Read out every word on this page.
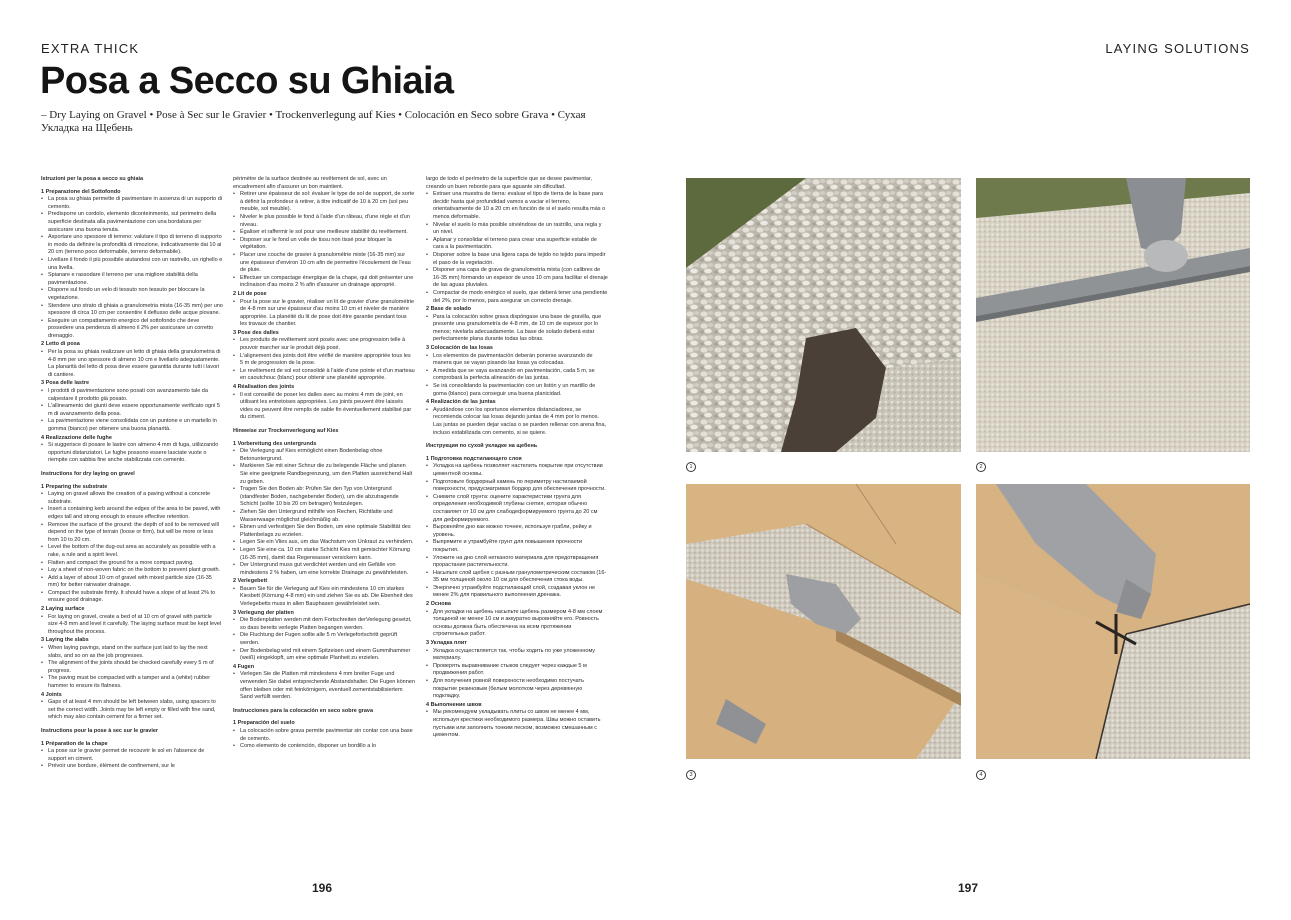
EXTRA THICK	LAYING SOLUTIONS
Posa a Secco su Ghiaia

– Dry Laying on Gravel • Pose à Sec sur le Gravier • Trockenverlegung auf Kies • Colocación en Seco sobre Grava • Сухая Укладка на Щебень

Istruzioni per la posa a secco su ghiaia

1 Preparazione del Sottofondo
• La posa su ghiaia permette di pavimentare in assenza di un supporto di cemento.
• Predisporre un cordolo, elemento diconteinmento, sul perimetro della superficie destinata alla pavimentazione con una bordatura per assicurare una buona tenuta.
• Asportare uno spessore di terreno: valutare il tipo di terreno di supporto in modo da definire la profondità di rimozione, indicativamente dai 10 ai 20 cm (terreno poco deformabile, terreno deformabile).
• Livellare il fondo il più possibile aiutandosi con un rastrello, un righello e una livella.
• Spianare e rassodare il terreno per una migliore stabilità della pavimentazione.
• Disporre sul fondo un velo di tessuto non tessuto per bloccare la vegetazione.
• Stendere uno strato di ghiaia a granulometria mista (16-35 mm) per uno spessore di circa 10 cm per consentire il deflusso delle acque piovane.
• Eseguire un compattamento energico del sottofondo che deve possedere una pendenza di almeno il 2% per assicurare un corretto drenaggio.
2 Letto di posa
• Per la posa su ghiaia realizzare un letto di ghiaia della granulometria di 4-8 mm per uno spessore di almeno 10 cm e livellarlo adeguatamente. La planarità del letto di posa deve essere garantita durante tutti i lavori di cantiere.
3 Posa delle lastre
• I prodotti di pavimentazione sono posati con avanzamento tale da calpestare il prodotto già posato.
• L'allineamento dei giunti deve essere opportunamente verificato ogni 5 m di avanzamento della posa.
• La pavimentazione viene consolidata con un puntone e un martello in gomma (bianco) per ottenere una buona planarità.
4 Realizzazione delle fughe
• Si suggerisce di posare le lastre con almeno 4 mm di fuga, utilizzando opportuni distanziatori. Le fughe possono essere lasciate vuote o riempite con sabbia fine anche stabilizzata con cemento.

Instructions for dry laying on gravel

1 Preparing the substrate
• Laying on gravel allows the creation of a paving without a concrete substrate.
• Insert a containing kerb around the edges of the area to be paved, with edges tall and strong enough to ensure effective retention.
• Remove the surface of the ground: the depth of soil to be removed will depend on the type of terrain (loose or firm), but will be more or less from 10 to 20 cm.
• Level the bottom of the dug-out area as accurately as possible with a rake, a rule and a spirit level.
• Flatten and compact the ground for a more compact paving.
• Lay a sheet of non-woven fabric on the bottom to prevent plant growth.
• Add a layer of about 10 cm of gravel with mixed particle size (16-35 mm) for better rainwater drainage.
• Compact the substrate firmly. It should have a slope of at least 2% to ensure good drainage.
2 Laying surface
• For laying on gravel, create a bed of at 10 cm of gravel with particle size 4-8 mm and level it carefully. The laying surface must be kept level throughout the process.
3 Laying the slabs
• When laying pavings, stand on the surface just laid to lay the next slabs, and so on as the job progresses.
• The alignment of the joints should be checked carefully every 5 m of progress.
• The paving must be compacted with a tamper and a (white) rubber hammer to ensure its flatness.
4 Joints
• Gaps of at least 4 mm should be left between slabs, using spacers to set the correct width. Joints may be left empty or filled with fine sand, which may also contain cement for a firmer set.

Instructions pour la pose à sec sur le gravier

1 Préparation de la chape
• La pose sur le gravier permet de recouvrir le sol en l'absence de support en ciment.
• Prévoir une bordure, élément de confinement, sur le

périmètre de la surface destinée au revêtement de sol, avec un encadrement afin d'assurer un bon maintient.

• Retirer une épaisseur de sol: évaluer le type de sol de support, de sorte à définir la profondeur à retirer, à titre indicatif de 10 à 20 cm (sol peu meuble, sol meuble).
• Niveler le plus possible le fond à l'aide d'un râteau, d'une règle et d'un niveau.
• Égaliser et raffermir le sol pour une meilleure stabilité du revêtement.
• Disposer sur le fond un voile de tissu non tissé pour bloquer la végétation.
• Placer une couche de gravier à granulométrie mixte (16-35 mm) sur une épaisseur d'environ 10 cm afin de permettre l'écoulement de l'eau de pluie.
• Effectuer un compactage énergique de la chape, qui doit présenter une inclinaison d'au moins 2 % afin d'assurer un drainage approprié.
2 Lit de pose
• Pour la pose sur le gravier, réaliser un lit de gravier d'une granulométrie de 4-8 mm sur une épaisseur d'au moins 10 cm et niveler de manière appropriée. La planéité du lit de pose doit être garantie pendant tous les travaux de chantier.
3 Pose des dalles
• Les produits de revêtement sont posés avec une progression telle à pouvoir marcher sur le produit déjà posé.
• L'alignement des joints doit être vérifié de manière appropriée tous les 5 m de progression de la pose.
• Le revêtement de sol est consolidé à l'aide d'une pointe et d'un marteau en caoutchouc (blanc) pour obtenir une planéité appropriée.
4 Réalisation des joints
• Il est conseillé de poser les dalles avec au moins 4 mm de joint, en utilisant les entretoises appropriées. Les joints peuvent être laissés vides ou peuvent être remplis de sable fin éventuellement stabilisé par du ciment.

Hinweise zur Trockenverlegung auf Kies

1 Vorbereitung des untergrunds
• Die Verlegung auf Kies ermöglicht einen Bodenbelag ohne Betonuntergrund.
• Markieren Sie mit einer Schnur die zu belegende Fläche und planen Sie eine geeignete Randbegrenzung, um den Platten ausreichend Halt zu geben.
• Tragen Sie den Boden ab: Prüfen Sie den Typ von Untergrund (standfester Boden, nachgebender Boden), um die abzutragende Schicht (sollte 10 bis 20 cm betragen) festzulegen.
• Ziehen Sie den Untergrund mithilfe von Rechen, Richtlatte und Wasserwaage möglichst gleichmäßig ab.
• Ebnen und verfestigen Sie den Boden, um eine optimale Stabilität des Plattenbelags zu erzielen.
• Legen Sie ein Vlies aus, um das Wachstum von Unkraut zu verhindern.
• Legen Sie eine ca. 10 cm starke Schicht Kies mit gemischter Körnung (16-35 mm), damit das Regenwasser versickern kann.
• Der Untergrund muss gut verdichtet werden und ein Gefälle von mindestens 2 % haben, um eine korrekte Drainage zu gewährleisten.
2 Verlegebett
• Bauen Sie für die Verlegung auf Kies ein mindestens 10 cm starkes Kiesbett (Körnung 4-8 mm) ein und ziehen Sie es ab. Die Ebenheit des Verlegebetts muss in allen Bauphasen gewährleistet sein.
3 Verlegung der platten
• Die Bodenplatten werden mit dem Fortschreiten derVerlegung gesetzt, so dass bereits verlegte Platten begangen werden.
• Die Fluchtung der Fugen sollte alle 5 m Verlegefortschritt geprüft werden.
• Der Bodenbelag wird mit einem Spitzeisen und einem Gummihammer (weiß) eingeklopft, um eine optimale Planheit zu erzielen.
4 Fugen
• Verlegen Sie die Platten mit mindestens 4 mm breiter Fuge und verwenden Sie dabei entsprechende Abstandshalter. Die Fugen können offen bleiben oder mit feinkörnigem, eventuell zementstabilisiertem Sand verfüllt werden.

Instrucciones para la colocación en seco sobre grava

1 Preparación del suelo
• La colocación sobre grava permite pavimentar sin contar con una base de cemento.
• Como elemento de contención, disponer un bordillo a lo

largo de todo el perímetro de la superficie que se desee pavimentar, creando un buen reborde para que aguante sin dificultad.

• Extraer una muestra de tierra: evaluar el tipo de tierra de la base para decidir hasta qué profundidad vamos a vaciar el terreno, orientativamente de 10 a 20 cm en función de si el suelo resulta más o menos deformable.
• Nivelar el suelo lo más posible sirviéndose de un rastrillo, una regla y un nivel.
• Aplanar y consolidar el terreno para crear una superficie estable de cara a la pavimentación.
• Disponer sobre la base una ligera capa de tejido no tejido para impedir el paso de la vegetación.
• Disponer una capa de grava de granulometría mixta (con calibres de 16-35 mm) formando un espesor de unos 10 cm para facilitar el drenaje de las aguas pluviales.
• Compactar de modo enérgico el suelo, que deberá tener una pendiente del 2%, por lo menos, para asegurar un correcto drenaje.
2 Base de solado
• Para la colocación sobre grava dispóngase una base de gravilla, que presente una granulometría de 4-8 mm, de 10 cm de espesor por lo menos; nivelarla adecuadamente. La base de solado deberá estar perfectamente plana durante todas las obras.
3 Colocación de las losas
• Los elementos de pavimentación deberán ponerse avanzando de manera que se vayan pisando las losas ya colocadas.
• A medida que se vaya avanzando en pavimentación, cada 5 m, se comprobará la perfecta alineación de las juntas.
• Se irá consolidando la pavimentación con un listón y un martillo de goma (blanco) para conseguir una buena planicidad.
4 Realización de las juntas
• Ayudándose con los oportunos elementos distanciadores, se recomienda colocar las losas dejando juntas de 4 mm por lo menos. Las juntas se pueden dejar vacías o se pueden rellenar con arena fina, incluso estabilizada con cemento, si se quiere.

Инструкция по сухой укладке на щебень

1 Подготовка подстилающего слоя
• Укладка на щебень позволяет настелить покрытие при отсутствии цементной основы.
• Подготовьте бордюрный камень по периметру настилаемой поверхности, предусматривая бордюр для обеспечения прочности.
• Снимите слой грунта: оцените характеристики грунта для определения необходимой глубины снятия, которая обычно составляет от 10 см для слабодеформируемого грунта до 20 см для деформируемого.
• Выровняйте дно как можно точнее, используя грабли, рейку и уровень.
• Выпрямите и утрамбуйте грунт для повышения прочности покрытия.
• Уложите на дно слой нетканого материала для предотвращения прорастания растительности.
• Насыпьте слой щебня с разным гранулометрическим составом (16-35 мм толщиной около 10 см для обеспечения стока воды.
• Энергично утрамбуйте подстилающий слой, создавая уклон не менее 2% для правильного выполнения дренажа.
2 Основа
• Для укладки на щебень насыпьте щебень размером 4-8 мм слоем толщиной не менее 10 см и аккуратно выровняйте его. Ровность основы должна быть обеспечена на всем протяжении строительных работ.
3 Укладка плит
• Укладка осуществляется так, чтобы ходить по уже уложенному материалу.
• Проверять выравнивание стыков следует через каждые 5 м продвижения работ.
• Для получения ровной поверхности необходимо постучать покрытие резиновым (белым молотком через деревянную подкладку.
4 Выполнение швов
• Мы рекомендуем укладывать плиты со швом не менее 4 мм, используя крестики необходимого размера. Швы можно оставить пустыми или заполнить тонким песком, возможно смешанным с цементом.
1	2
3	4
196	197
